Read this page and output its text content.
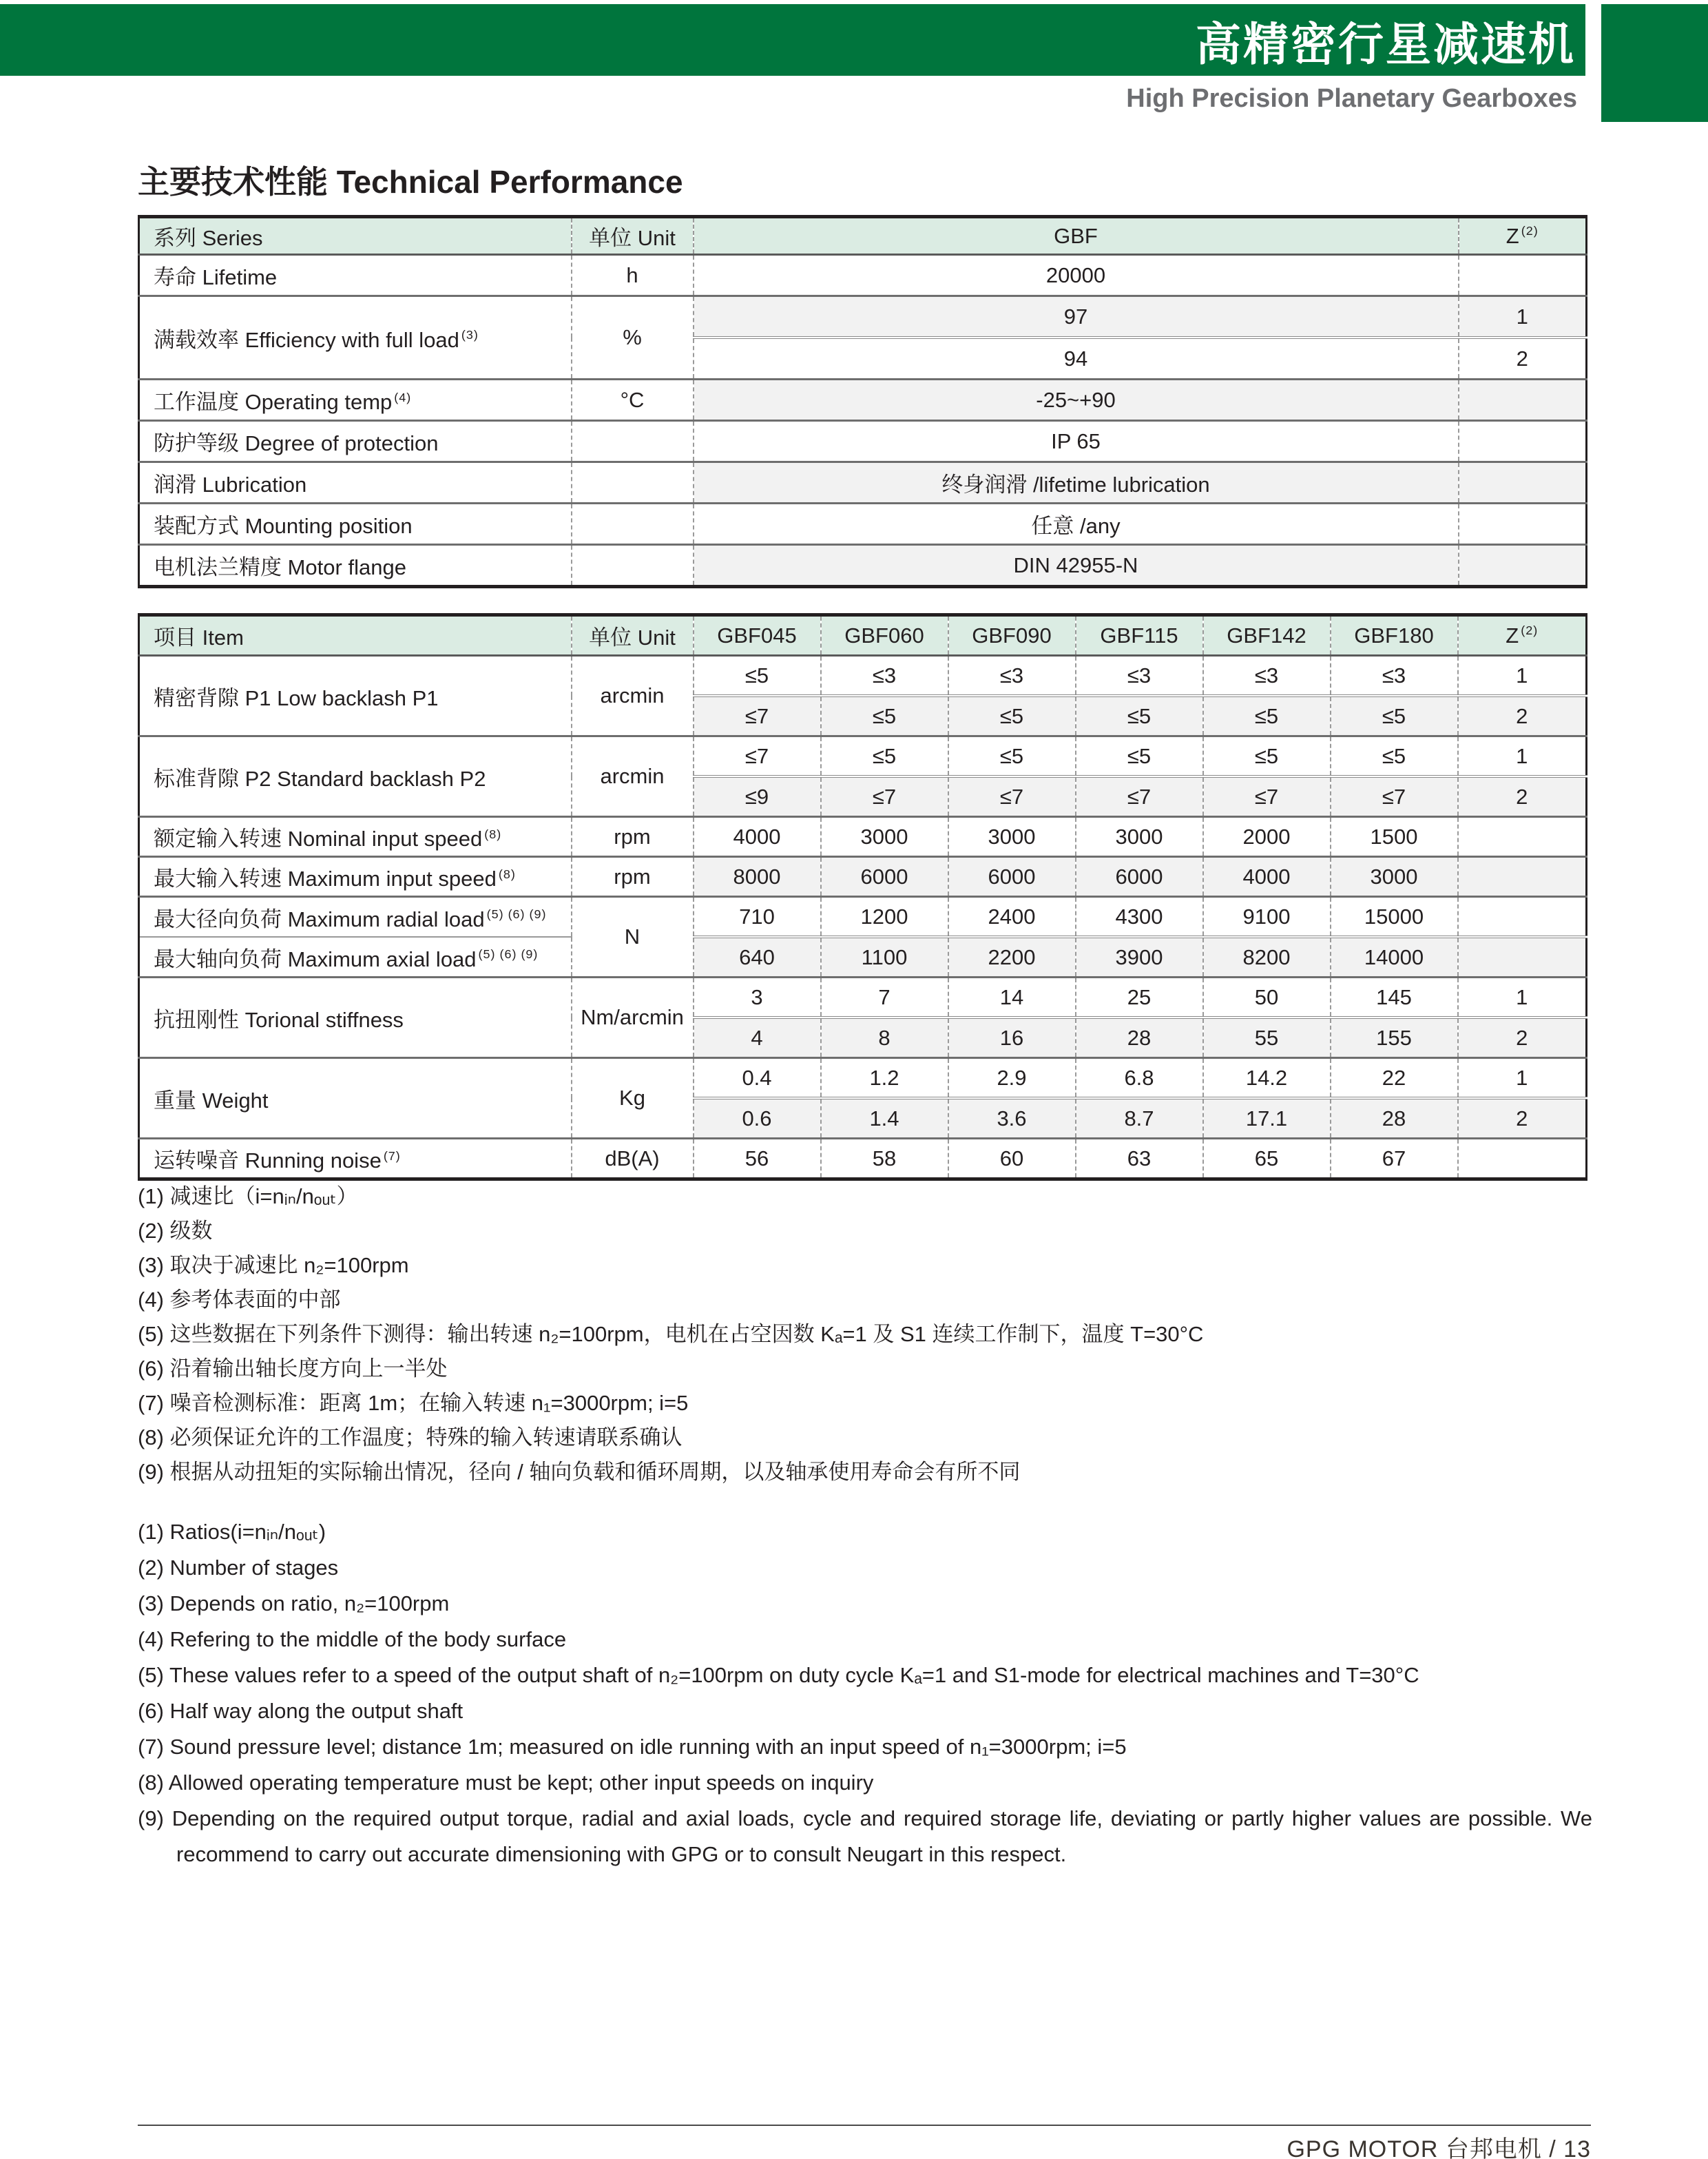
高精密行星减速机
High Precision Planetary Gearboxes
主要技术性能 Technical Performance
系列 Series	单位 Unit	GBF	Z $^{(2)}$
寿命 Lifetime	h	20000	
满载效率 Efficiency with full load $^{(3)}$	%	97	1
		94	2
工作温度 Operating temp $^{(4)}$	°C	-25~+90	
防护等级 Degree of protection		IP 65	
润滑 Lubrication		终身润滑 /lifetime lubrication	
装配方式 Mounting position		任意 /any	
电机法兰精度 Motor flange		DIN 42955-N	
项目 Item	单位 Unit	GBF045	GBF060	GBF090	GBF115	GBF142	GBF180	Z $^{(2)}$
精密背隙 P1 Low backlash P1	arcmin	≤5	≤3	≤3	≤3	≤3	≤3	1
		≤7	≤5	≤5	≤5	≤5	≤5	2
标准背隙 P2 Standard backlash P2	arcmin	≤7	≤5	≤5	≤5	≤5	≤5	1
		≤9	≤7	≤7	≤7	≤7	≤7	2
额定输入转速 Nominal input speed $^{(8)}$	rpm	4000	3000	3000	3000	2000	1500	
最大输入转速 Maximum input speed $^{(8)}$	rpm	8000	6000	6000	6000	4000	3000	
最大径向负荷 Maximum radial load $^{(5) (6) (9)}$	N	710	1200	2400	4300	9100	15000	
最大轴向负荷 Maximum axial load $^{(5) (6) (9)}$		640	1100	2200	3900	8200	14000	
抗扭刚性 Torional stiffness	Nm/arcmin	3	7	14	25	50	145	1
		4	8	16	28	55	155	2
重量 Weight	Kg	0.4	1.2	2.9	6.8	14.2	22	1
		0.6	1.4	3.6	8.7	17.1	28	2
运转噪音 Running noise $^{(7)}$	dB(A)	56	58	60	63	65	67	
(1) 减速比（i=nᵢₙ/nₒᵤₜ）
(2) 级数
(3) 取决于减速比 n₂=100rpm
(4) 参考体表面的中部
(5) 这些数据在下列条件下测得：输出转速 n₂=100rpm，电机在占空因数 Kₐ=1 及 S1 连续工作制下，温度 T=30°C
(6) 沿着输出轴长度方向上一半处
(7) 噪音检测标准：距离 1m；在输入转速 n₁=3000rpm; i=5
(8) 必须保证允许的工作温度；特殊的输入转速请联系确认
(9) 根据从动扭矩的实际输出情况，径向 / 轴向负载和循环周期，以及轴承使用寿命会有所不同
(1) Ratios(i=nᵢₙ/nₒᵤₜ)
(2) Number of stages
(3) Depends on ratio, n₂=100rpm
(4) Refering to the middle of the body surface
(5) These values refer to a speed of the output shaft of n₂=100rpm on duty cycle Kₐ=1 and S1-mode for electrical machines and T=30°C
(6) Half way along the output shaft
(7) Sound pressure level; distance 1m; measured on idle running with an input speed of n₁=3000rpm; i=5
(8) Allowed operating temperature must be kept; other input speeds on inquiry
(9) Depending on the required output torque, radial and axial loads, cycle and required storage life, deviating or partly higher values are possible. We recommend to carry out accurate dimensioning with GPG or to consult Neugart in this respect.
GPG MOTOR 台邦电机 / 13
